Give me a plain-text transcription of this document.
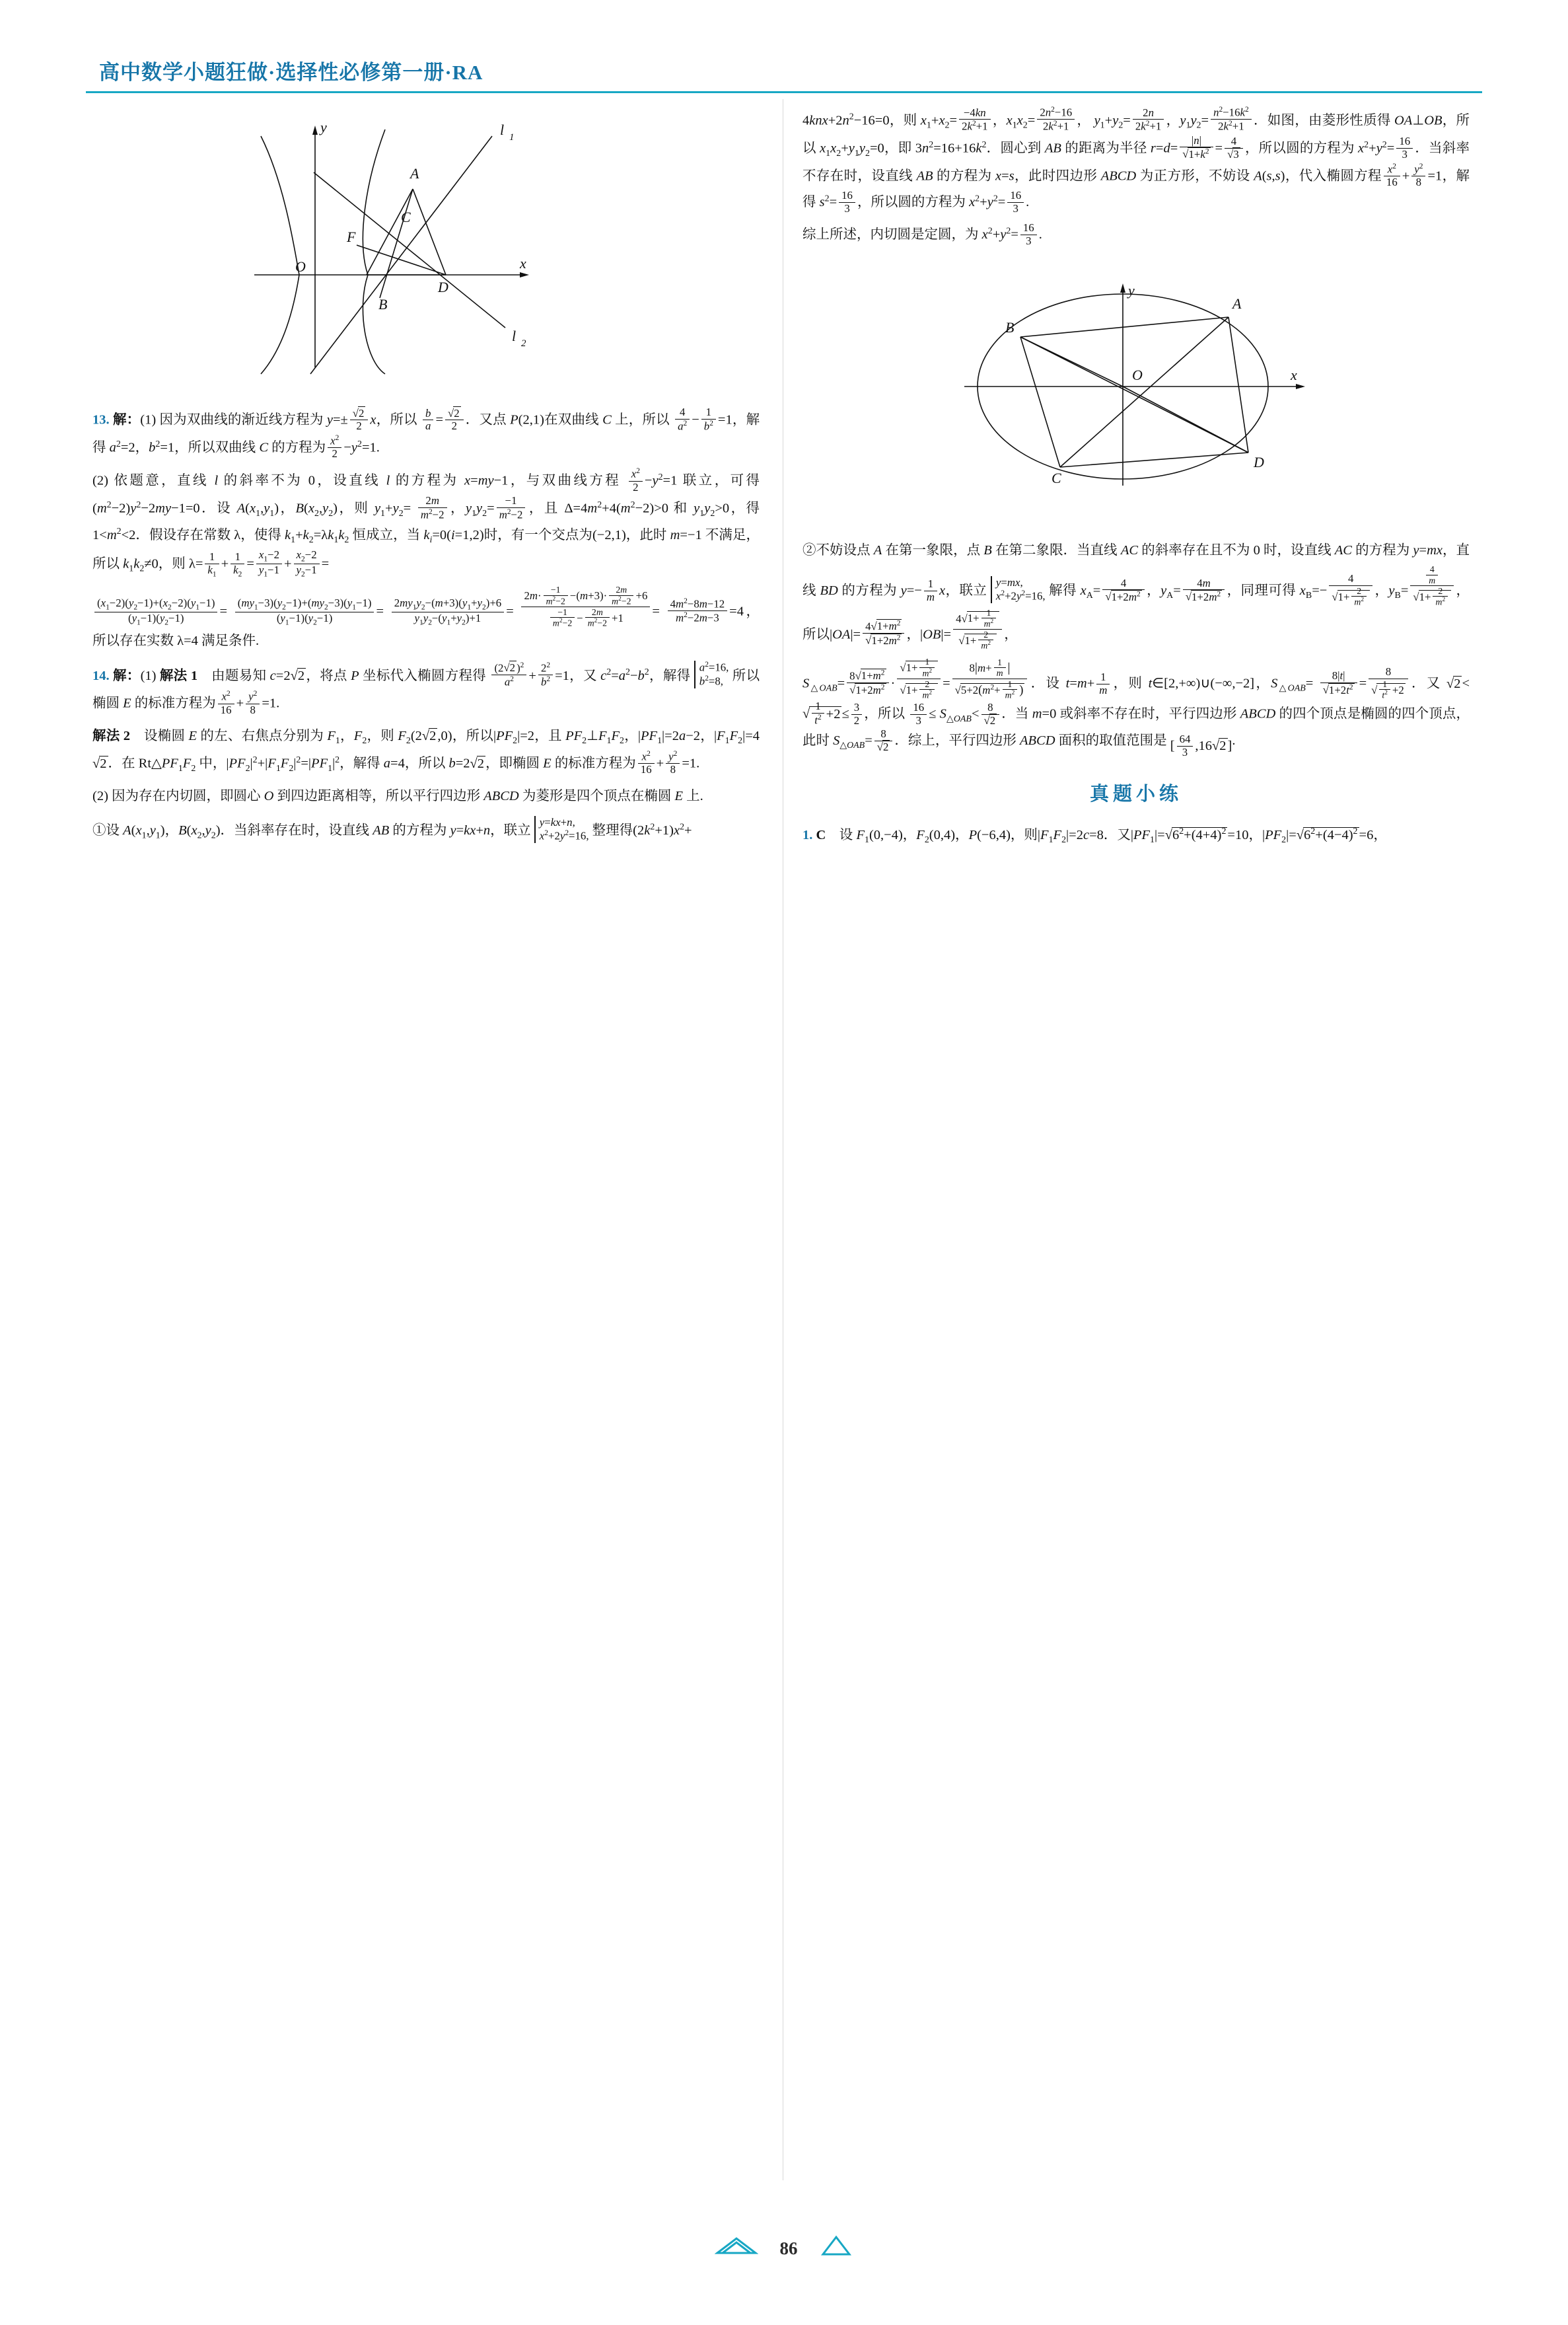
高中数学小题狂做·选择性必修第一册·RA
y	l 1
A
C
F
O
B
D
x
l 2

13. 解：(1) 因为双曲线的渐近线方程为 $y=\pm \frac{√2}{2}$ x，所以 $\frac{b}{a} = \frac{√2}{2}$ ．又点 P(2,1)在双曲线 C 上，所以 $\frac{4}{a^2} - \frac{1}{b^2} =1$，解得 $a^2=2$，$b^2=1$，所以双曲线 C 的方程为 $\frac{x^2}{2} -y^2=1$.

(2) 依题意，直线 l 的斜率不为 0，设直线 l 的方程为 x=my−1，与双曲线方程 $\frac{x^2}{2} -y^2=1$ 联立，可得$(m^2-2)y^2-2my-1=0$．设 $A(x_1,y_1)$，$B(x_2,y_2)$，则 $y_1+y_2= \frac{2m}{m^2-2}$ ，$y_1y_2= \frac{-1}{m^2-2}$ ，且 $\Delta=4m^2+4(m^2-2)>0$ 和 $y_1y_2>0$，得 $1<m^2<2$．假设存在常数 λ，使得 $k_1+k_2=\lambda k_1k_2$ 恒成立，当 $k_i=0(i=1,2)$时，有一个交点为(−2,1)，此时 m=−1 不满足，所以 $k_1k_2\ne 0$，则 $\lambda= \frac{1}{k_1} + \frac{1}{k_2} = \frac{x_1-2}{y_1-1} + \frac{x_2-2}{y_2-1}$ =

$\frac{(x_1-2)(y_2-1)+(x_2-2)(y_1-1)}{(y_1-1)(y_2-1)} = \frac{(my_1-3)(y_2-1)+(my_2-3)(y_1-1)}{(y_1-1)(y_2-1)} = \frac{2my_1y_2-(m+3)(y_1+y_2)+6}{y_1y_2-(y_1+y_2)+1} = \frac{2m\cdot \frac{-1}{m^2-2} -(m+3)\cdot \frac{2m}{m^2-2} +6}{\frac{-1}{m^2-2} - \frac{2m}{m^2-2} +1} = \frac{4m^2-8m-12}{m^2-2m-3} =4$，所以存在实数 λ=4 满足条件.

14. 解：(1) 解法 1　由题易知 c=2√2，将点 P 坐标代入椭圆方程得 $\frac{(2√2 )^2}{a^2} + \frac{2^2}{b^2} =1$，又 $c^2=a^2-b^2$，解得
$a^2=16$,
$b^2=8$, 所以椭圆 E 的标准方程为 $\frac{x^2}{16} + \frac{y^2}{8} =1$.

解法 2　设椭圆 E 的左、右焦点分别为 $F_1$，$F_2$，则 $F_2(2√2,0)$，所以$|PF_2|=2$，且 $PF_2\perp F_1F_2$，$|PF_1|=2a-2$，$|F_1F_2|=4√2$．在 $Rt\triangle PF_1F_2$ 中，$|PF_2|^2+|F_1F_2|^2=|PF_1|^2$，解得 a=4，所以 b=2√2，即椭圆 E 的标准方程为 $\frac{x^2}{16} + \frac{y^2}{8} =1$.

(2) 因为存在内切圆，即圆心 O 到四边距离相等，所以平行四边形 ABCD 为菱形是四个顶点在椭圆 E 上.

①设 $A(x_1,y_1)$，$B(x_2,y_2)$．当斜率存在时，设直线 AB 的方程为 y=kx+n，联立
y=kx+n,
$x^2+2y^2=16$, 整理得$(2k^2+1)x^2+$

$4knx+2n^2-16=0$，则 $x_1+x_2= \frac{-4kn}{2k^2+1}$ ，$x_1x_2= \frac{2n^2-16}{2k^2+1}$ ， $y_1+y_2= \frac{2n}{2k^2+1}$ ，$y_1y_2= \frac{n^2-16k^2}{2k^2+1}$ ．如图，由菱形性质得 OA⊥OB，所以 $x_1x_2+y_1y_2=0$，即 $3n^2=16+16k^2$．圆心到 AB 的距离为半径 $r=d= \frac{|n|}{√1+k^2} = \frac{4}{√3}$ ，所以圆的方程为 $x^2+y^2= \frac{16}{3}$ ．当斜率不存在时，设直线 AB 的方程为 x=s，此时四边形 ABCD 为正方形，不妨设 A(s,s)，代入椭圆方程 $\frac{x^2}{16} + \frac{y^2}{8} =1$，解得 $s^2= \frac{16}{3}$ ，所以圆的方程为 $x^2+y^2= \frac{16}{3}$ .

综上所述，内切圆是定圆，为 $x^2+y^2= \frac{16}{3}$ .

y
A
B
O	x
C
D

②不妨设点 A 在第一象限，点 B 在第二象限．当直线 AC 的斜率存在且不为 0 时，设直线 AC 的方程为 y=mx，直线 BD 的方程为 $y=- \frac{1}{m}$ x，联立
y=mx,
$x^2+2y^2=16$, 解得 $x_A= \frac{4}{√1+2m^2}$ ，$y_A= \frac{4m}{√1+2m^2}$ ，同理可得 $x_B=- \frac{4}{√1+ \frac{2}{m^2}}$ ，$y_B= \frac{\frac{4}{m}}{√1+ \frac{2}{m^2}}$ ，所以$|OA|= \frac{4√1+m^2}{√1+2m^2}$ ，$|OB|= \frac{4√1+ \frac{1}{m^2}}{√1+ \frac{2}{m^2}}$ ，

$S_{\triangle OAB}= \frac{8√1+m^2}{√1+2m^2} \cdot \frac{√1+ \frac{1}{m^2}}{√1+ \frac{2}{m^2}} = \frac{8|m+ \frac{1}{m} |}{√5+2(m^2+ \frac{1}{m^2} )}$ ．设 $t=m+ \frac{1}{m}$ ，则 t∈[2,+∞)∪(−∞,−2]，$S_{\triangle OAB}= \frac{8|t|}{√1+2t^2} = \frac{8}{√ \frac{1}{t^2} +2}$ ．又 $√2<√ \frac{1}{t^2} +2\le \frac{3}{2}$ ，所以 $\frac{16}{3} \le S_{\triangle OAB}< \frac{8}{√2}$ ．当 m=0 或斜率不存在时，平行四边形 ABCD 的四个顶点是椭圆的四个顶点，此时 $S_{\triangle OAB}= \frac{8}{√2}$ ．综上，平行四边形 ABCD 面积的取值范围是 [ $\frac{64}{3} ,16√2$].

真题小练

1. C　设 $F_1(0,-4)$，$F_2(0,4)$，P(−6,4)，则$|F_1F_2|=2c=8$．又$|PF_1|=√6^2+(4+4)^2=10$，$|PF_2|=√6^2+(4-4)^2=6$，

86
